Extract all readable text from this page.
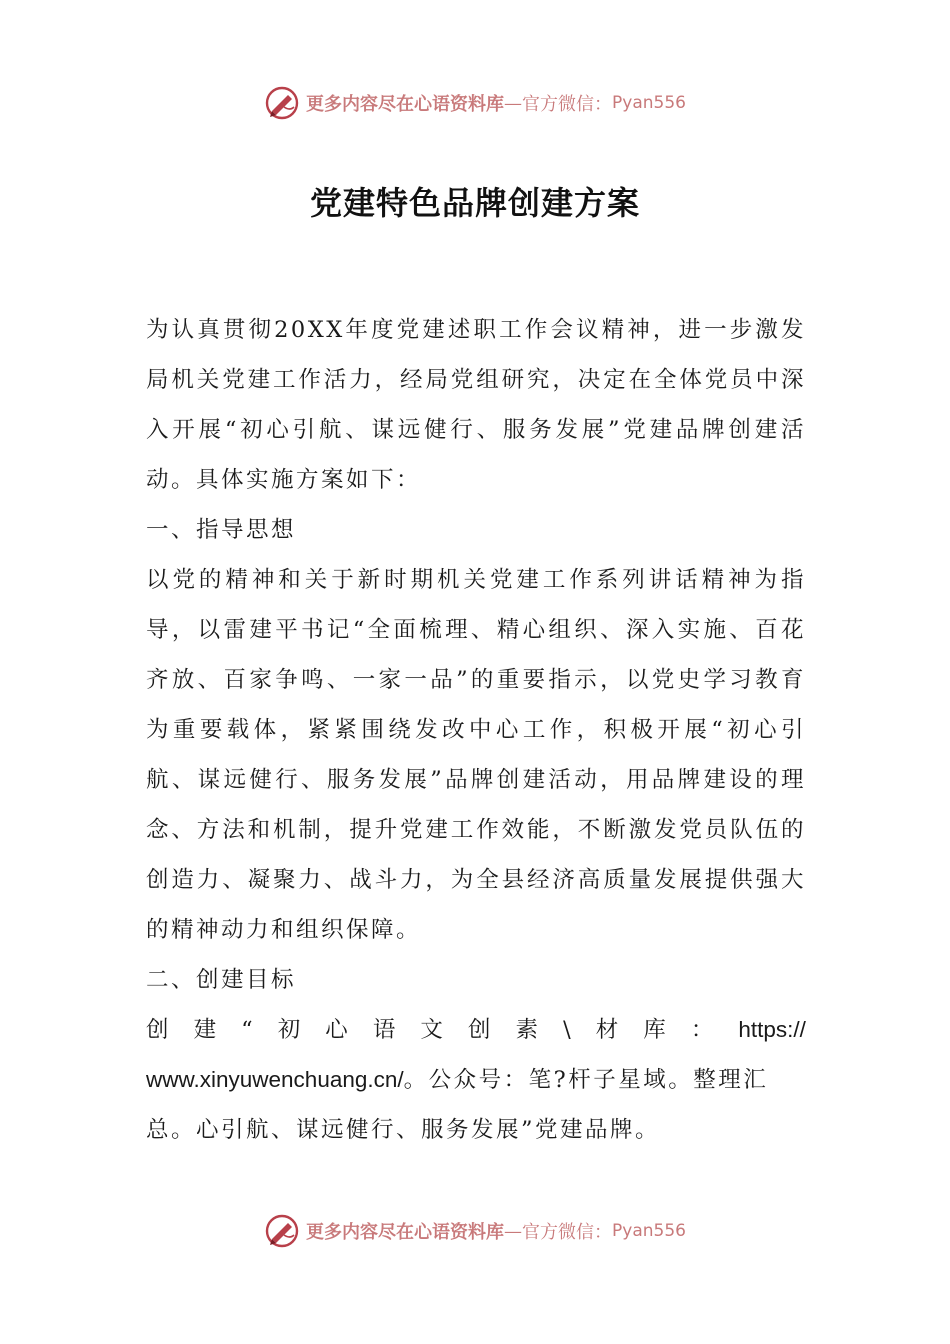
更多内容尽在心语资料库 — 官方微信： Pyan556
党建特色品牌创建方案

为认真贯彻20XX年度党建述职工作会议精神，进一步激发局机关党建工作活力，经局党组研究，决定在全体党员中深入开展“初心引航、谋远健行、服务发展”党建品牌创建活动。具体实施方案如下：

一、指导思想

以党的精神和关于新时期机关党建工作系列讲话精神为指导，以雷建平书记“全面梳理、精心组织、深入实施、百花齐放、百家争鸣、一家一品”的重要指示，以党史学习教育为重要载体，紧紧围绕发改中心工作，积极开展“初心引航、谋远健行、服务发展”品牌创建活动，用品牌建设的理念、方法和机制，提升党建工作效能，不断激发党员队伍的创造力、凝聚力、战斗力，为全县经济高质量发展提供强大的精神动力和组织保障。

二、创建目标

创 建 “ 初 心 语 文 创 素 \ 材 库 ： https://
www.xinyuwenchuang.cn/。公众号：笔?杆子星域。整理汇
总。心引航、谋远健行、服务发展”党建品牌。
更多内容尽在心语资料库 — 官方微信： Pyan556
